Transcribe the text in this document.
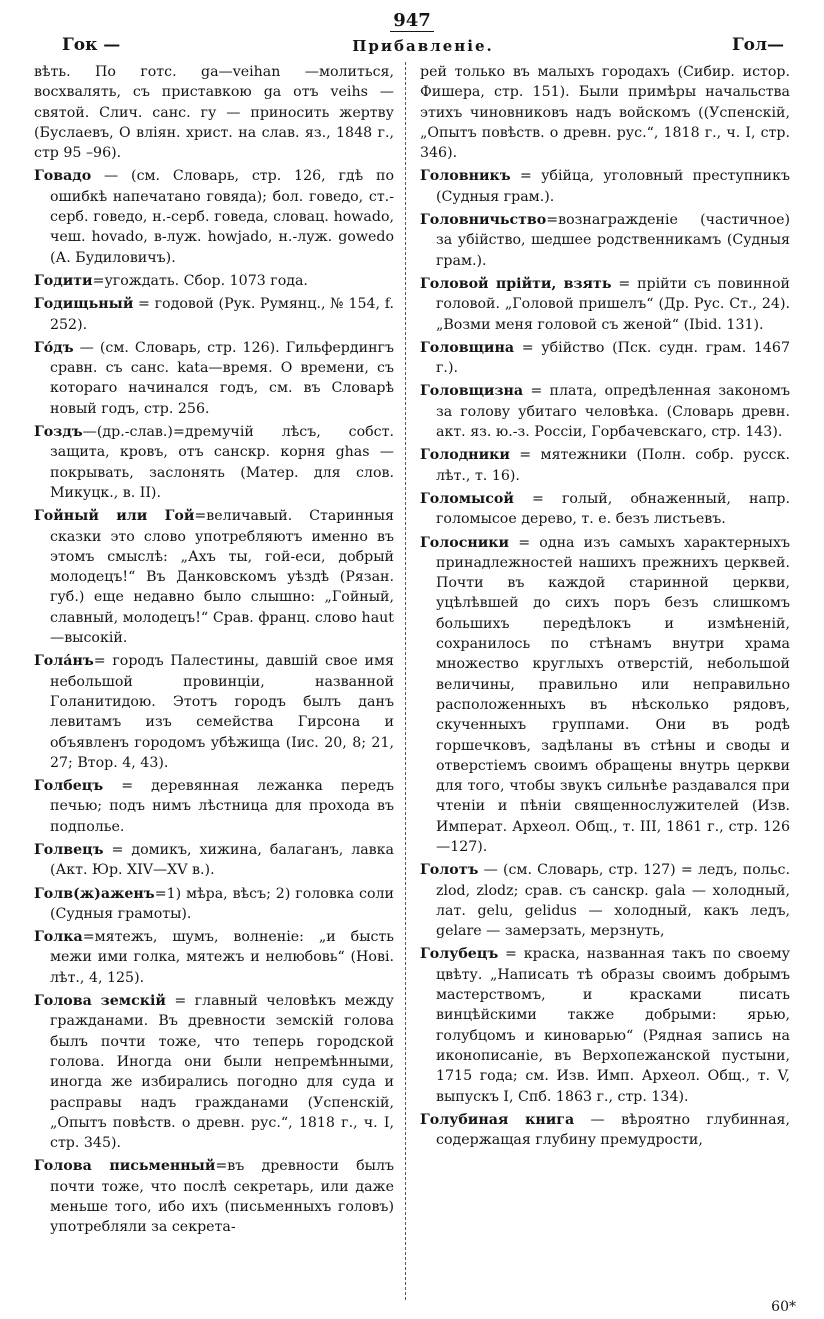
947
Гок —	Прибавленіе.	Гол—

вѣть. По готс. ga—veihan —молиться, восхвалять, съ приставкою ga отъ veihs — святой. Слич. санс. гу — приносить жертву (Буслаевъ, О вліян. христ. на слав. яз., 1848 г., стр 95 –96).

Говадо — (см. Словарь, стр. 126, гдѣ по ошибкѣ напечатано говяда); бол. говедо, ст.-серб. говедо, н.-серб. говеда, словац. howado, чеш. hovado, в-луж. howjado, н.-луж. gowedo (А. Будиловичъ).

Годити=угождать. Сбор. 1073 года.

Годищьный = годовой (Рук. Румянц., № 154, f. 252).

Го́дъ — (см. Словарь, стр. 126). Гильфердингъ сравн. съ санс. kata—время. О времени, съ котораго начинался годъ, см. въ Словарѣ новый годъ, стр. 256.

Гоздъ—(др.-слав.)=дремучій лѣсъ, собст. защита, кровъ, отъ санскр. корня ghas — покрывать, заслонять (Матер. для слов. Микуцк., в. II).

Гойный или Гой=величавый. Старинныя сказки это слово употребляютъ именно въ этомъ смыслѣ: „Ахъ ты, гой-еси, добрый молодецъ!“ Въ Данковскомъ уѣздѣ (Рязан. губ.) еще недавно было слышно: „Гойный, славный, молодецъ!“ Срав. франц. слово haut—высокій.

Гола́нъ= городъ Палестины, давшій свое имя небольшой провинціи, названной Голанитидою. Этотъ городъ былъ данъ левитамъ изъ семейства Гирсона и объявленъ городомъ убѣжища (Іис. 20, 8; 21, 27; Втор. 4, 43).

Голбецъ = деревянная лежанка передъ печью; подъ нимъ лѣстница для прохода въ подполье.

Голвецъ = домикъ, хижина, балаганъ, лавка (Акт. Юр. XIV—XV в.).

Голв(ж)аженъ=1) мѣра, вѣсъ; 2) головка соли (Судныя грамоты).

Голка=мятежъ, шумъ, волненіе: „и бысть межи ими голка, мятежъ и нелюбовь“ (Нові. лѣт., 4, 125).

Голова земскій = главный человѣкъ между гражданами. Въ древности земскій голова былъ почти тоже, что теперь городской голова. Иногда они были непремѣнными, иногда же избирались погодно для суда и расправы надъ гражданами (Успенскій, „Опытъ повѣств. о древн. рус.“, 1818 г., ч. I, стр. 345).

Голова письменный=въ древности былъ почти тоже, что послѣ секретарь, или даже меньше того, ибо ихъ (письменныхъ головъ) употребляли за секрета-

рей только въ малыхъ городахъ (Сибир. истор. Фишера, стр. 151). Были примѣры начальства этихъ чиновниковъ надъ войскомъ ((Успенскій, „Опытъ повѣств. о древн. рус.“, 1818 г., ч. I, стр. 346).

Головникъ = убійца, уголовный преступникъ (Судныя грам.).

Головничьство=вознагражденіе (частичное) за убійство, шедшее родственникамъ (Судныя грам.).

Головой прійти, взять = прійти съ повинной головой. „Головой пришелъ“ (Др. Рус. Ст., 24). „Возми меня головой съ женой“ (Ibid. 131).

Головщина = убійство (Пск. судн. грам. 1467 г.).

Головщизна = плата, опредѣленная закономъ за голову убитаго человѣка. (Словарь древн. акт. яз. ю.-з. Россіи, Горбачевскаго, стр. 143).

Голодники = мятежники (Полн. собр. русск. лѣт., т. 16).

Голомысой = голый, обнаженный, напр. голомысое дерево, т. е. безъ листьевъ.

Голосники = одна изъ самыхъ характерныхъ принадлежностей нашихъ прежнихъ церквей. Почти въ каждой старинной церкви, уцѣлѣвшей до сихъ поръ безъ слишкомъ большихъ передѣлокъ и измѣненій, сохранилось по стѣнамъ внутри храма множество круглыхъ отверстій, небольшой величины, правильно или неправильно расположенныхъ въ нѣсколько рядовъ, скученныхъ группами. Они въ родѣ горшечковъ, задѣланы въ стѣны и своды и отверстіемъ своимъ обращены внутрь церкви для того, чтобы звукъ сильнѣе раздавался при чтеніи и пѣніи священнослужителей (Изв. Императ. Археол. Общ., т. III, 1861 г., стр. 126—127).

Голотъ — (см. Словарь, стр. 127) = ледъ, польс. zlod, zlodz; срав. съ санскр. gala — холодный, лат. gelu, gelidus — холодный, какъ ледъ, gelare — замерзать, мерзнуть,

Голубецъ = краска, названная такъ по своему цвѣту. „Написать тѣ образы своимъ добрымъ мастерствомъ, и красками писать винцѣйскими также добрыми: ярью, голубцомъ и киноварью“ (Рядная запись на иконописаніе, въ Верхопежанской пустыни, 1715 года; см. Изв. Имп. Археол. Общ., т. V, выпускъ I, Спб. 1863 г., стр. 134).

Голубиная книга — вѣроятно глубинная, содержащая глубину премудрости,

60*
